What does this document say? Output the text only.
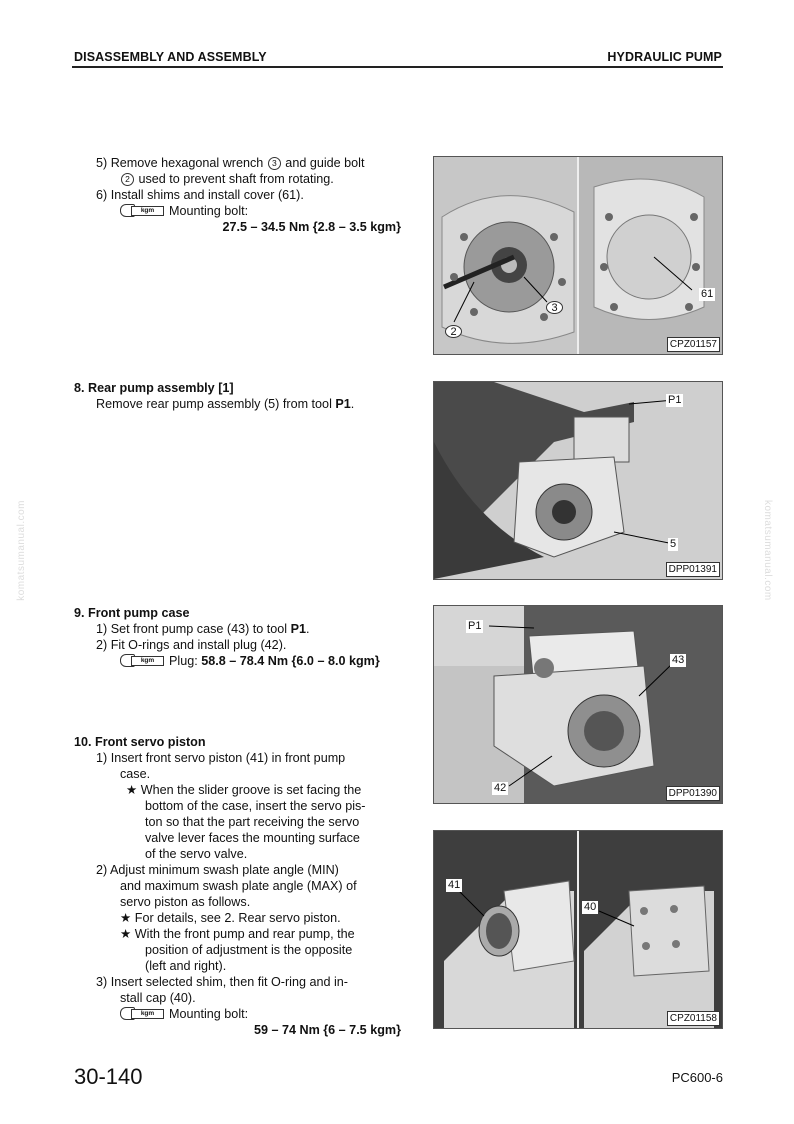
DISASSEMBLY AND ASSEMBLY	HYDRAULIC PUMP
komatsumanual.com	komatsumanual.com
5) Remove hexagonal wrench 3 and guide bolt
2 used to prevent shaft from rotating.
6) Install shims and install cover (61).
kgm	Mounting bolt:
27.5 – 34.5 Nm {2.8 – 3.5 kgm}
8. Rear pump assembly [1]
Remove rear pump assembly (5) from tool P1.
9. Front pump case
1) Set front pump case (43) to tool P1.
2) Fit O-rings and install plug (42).
kgm	Plug: 58.8 – 78.4 Nm {6.0 – 8.0 kgm}
10. Front servo piston
1) Insert front servo piston (41) in front pump
case.
★ When the slider groove is set facing the
bottom of the case, insert the servo pis-
ton so that the part receiving the servo
valve lever faces the mounting surface
of the servo valve.
2) Adjust minimum swash plate angle (MIN)
and maximum swash plate angle (MAX) of
servo piston as follows.
★ For details, see 2. Rear servo piston.
★ With the front pump and rear pump, the
position of adjustment is the opposite
(left and right).
3) Insert selected shim, then fit O-ring and in-
stall cap (40).
kgm	Mounting bolt:
59 – 74 Nm {6 – 7.5 kgm}
3
2
61
CPZ01157
P1
5
DPP01391
P1
43
42	DPP01390
41
40
CPZ01158
30-140	PC600-6
